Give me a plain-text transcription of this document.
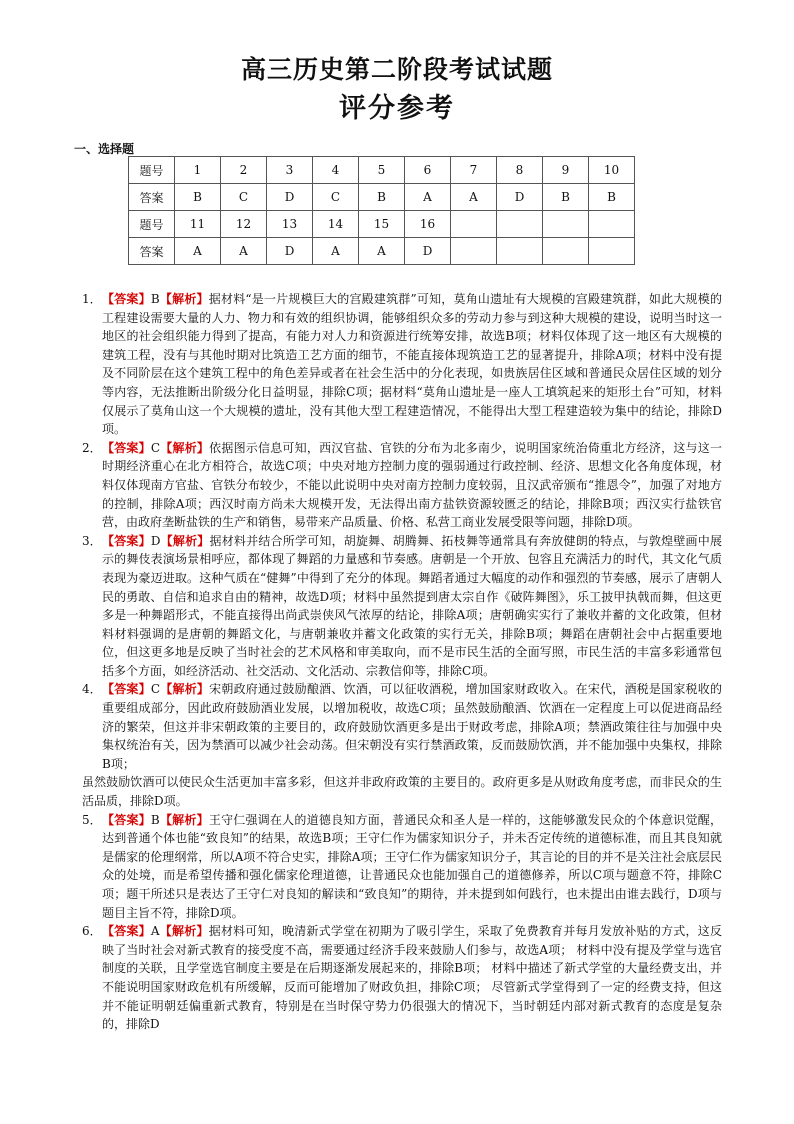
高三历史第二阶段考试试题
评分参考
一、选择题
题号	1	2	3	4	5	6	7	8	9	10
答案	B	C	D	C	B	A	A	D	B	B
题号	11	12	13	14	15	16				
答案	A	A	D	A	A	D				

1． 【答案】B【解析】据材料“是一片规模巨大的宫殿建筑群”可知，莫角山遗址有大规模的宫殿建筑群，如此大规模的工程建设需要大量的人力、物力和有效的组织协调，能够组织众多的劳动力参与到这种大规模的建设，说明当时这一地区的社会组织能力得到了提高，有能力对人力和资源进行统筹安排，故选B项；材料仅体现了这一地区有大规模的建筑工程，没有与其他时期对比筑造工艺方面的细节，不能直接体现筑造工艺的显著提升，排除A项；材料中没有提及不同阶层在这个建筑工程中的角色差异或者在社会生活中的分化表现，如贵族居住区域和普通民众居住区域的划分等内容，无法推断出阶级分化日益明显，排除C项；据材料“莫角山遗址是一座人工填筑起来的矩形土台”可知，材料仅展示了莫角山这一个大规模的遗址，没有其他大型工程建造情况，不能得出大型工程建造较为集中的结论，排除D项。

2． 【答案】C【解析】依据图示信息可知，西汉官盐、官铁的分布为北多南少，说明国家统治倚重北方经济，这与这一时期经济重心在北方相符合，故选C项；中央对地方控制力度的强弱通过行政控制、经济、思想文化各角度体现，材料仅体现南方官盐、官铁分布较少，不能以此说明中央对南方控制力度较弱，且汉武帝颁布“推恩令”，加强了对地方的控制，排除A项；西汉时南方尚未大规模开发，无法得出南方盐铁资源较匮乏的结论，排除B项；西汉实行盐铁官营，由政府垄断盐铁的生产和销售，易带来产品质量、价格、私营工商业发展受限等问题，排除D项。

3． 【答案】D【解析】据材料并结合所学可知，胡旋舞、胡腾舞、拓枝舞等通常具有奔放健朗的特点，与敦煌壁画中展示的舞伎表演场景相呼应，都体现了舞蹈的力量感和节奏感。唐朝是一个开放、包容且充满活力的时代，其文化气质表现为豪迈进取。这种气质在“健舞”中得到了充分的体现。舞蹈者通过大幅度的动作和强烈的节奏感，展示了唐朝人民的勇敢、自信和追求自由的精神，故选D项；材料中虽然提到唐太宗自作《破阵舞图》，乐工披甲执戟而舞，但这更多是一种舞蹈形式，不能直接得出尚武崇侠风气浓厚的结论，排除A项；唐朝确实实行了兼收并蓄的文化政策，但材料材料强调的是唐朝的舞蹈文化，与唐朝兼收并蓄文化政策的实行无关，排除B项；舞蹈在唐朝社会中占据重要地位，但这更多地是反映了当时社会的艺术风格和审美取向，而不是市民生活的全面写照，市民生活的丰富多彩通常包括多个方面，如经济活动、社交活动、文化活动、宗教信仰等，排除C项。

4． 【答案】C【解析】宋朝政府通过鼓励酿酒、饮酒，可以征收酒税，增加国家财政收入。在宋代，酒税是国家税收的重要组成部分，因此政府鼓励酒业发展，以增加税收，故选C项；虽然鼓励酿酒、饮酒在一定程度上可以促进商品经济的繁荣，但这并非宋朝政策的主要目的，政府鼓励饮酒更多是出于财政考虑，排除A项；禁酒政策往往与加强中央集权统治有关，因为禁酒可以减少社会动荡。但宋朝没有实行禁酒政策，反而鼓励饮酒，并不能加强中央集权，排除B项；

虽然鼓励饮酒可以使民众生活更加丰富多彩，但这并非政府政策的主要目的。政府更多是从财政角度考虑，而非民众的生活品质，排除D项。

5． 【答案】B【解析】王守仁强调在人的道德良知方面，普通民众和圣人是一样的，这能够激发民众的个体意识觉醒，达到普通个体也能“致良知”的结果，故选B项；王守仁作为儒家知识分子，并未否定传统的道德标准，而且其良知就是儒家的伦理纲常，所以A项不符合史实，排除A项；王守仁作为儒家知识分子，其言论的目的并不是关注社会底层民众的处境，而是希望传播和强化儒家伦理道德，让普通民众也能加强自己的道德修养，所以C项与题意不符，排除C项；题干所述只是表达了王守仁对良知的解读和“致良知”的期待，并未提到如何践行，也未提出由谁去践行，D项与题目主旨不符，排除D项。

6． 【答案】A【解析】据材料可知，晚清新式学堂在初期为了吸引学生，采取了免费教育并每月发放补贴的方式，这反映了当时社会对新式教育的接受度不高，需要通过经济手段来鼓励人们参与，故选A项； 材料中没有提及学堂与选官制度的关联，且学堂选官制度主要是在后期逐渐发展起来的，排除B项； 材料中描述了新式学堂的大量经费支出，并不能说明国家财政危机有所缓解，反而可能增加了财政负担，排除C项； 尽管新式学堂得到了一定的经费支持，但这并不能证明朝廷偏重新式教育，特别是在当时保守势力仍很强大的情况下，当时朝廷内部对新式教育的态度是复杂的，排除D
